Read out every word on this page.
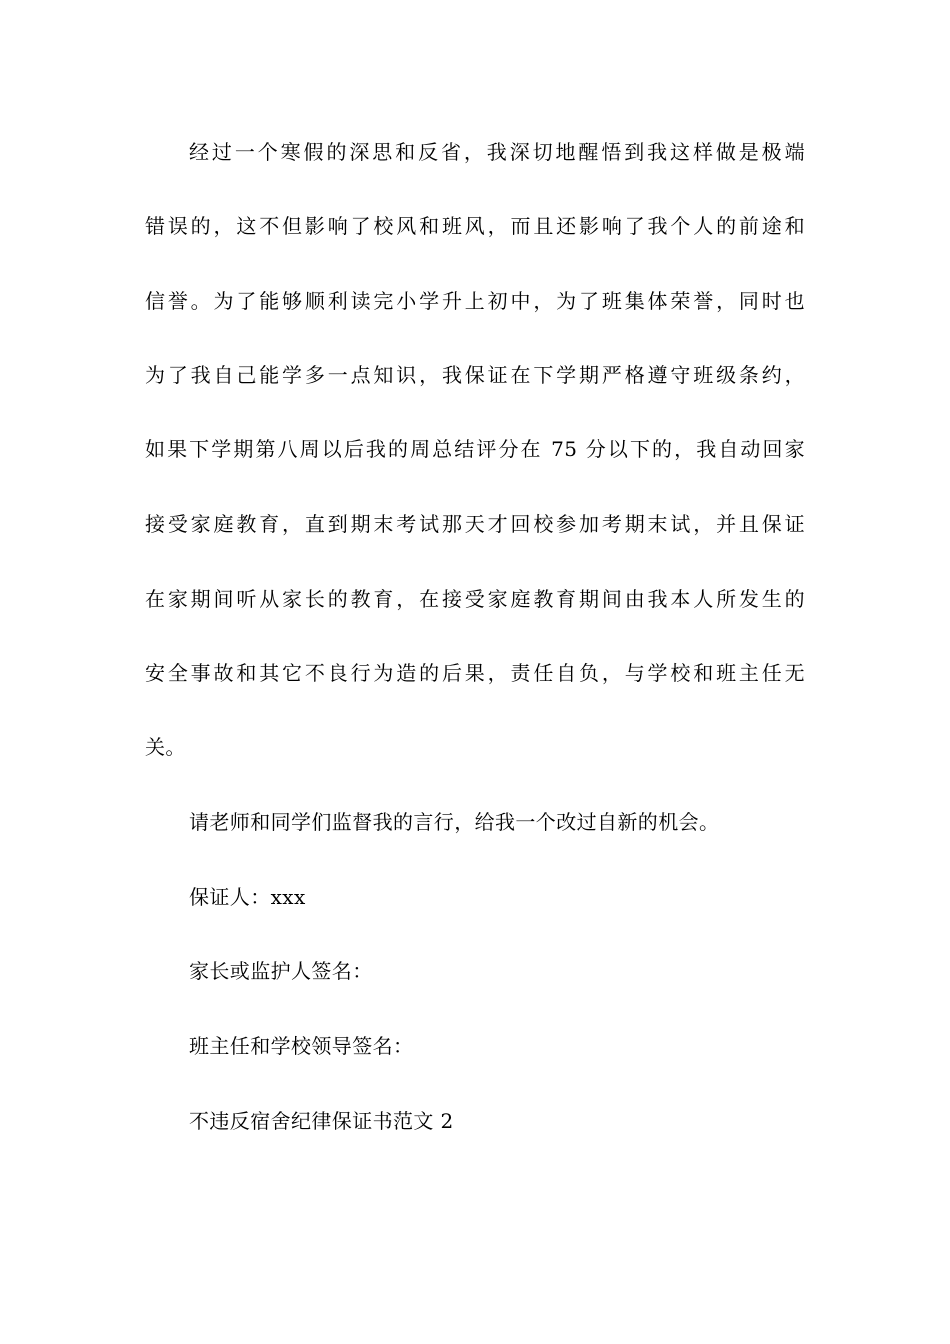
经过一个寒假的深思和反省，我深切地醒悟到我这样做是极端
错误的，这不但影响了校风和班风，而且还影响了我个人的前途和
信誉。为了能够顺利读完小学升上初中，为了班集体荣誉，同时也
为了我自己能学多一点知识，我保证在下学期严格遵守班级条约，
如果下学期第八周以后我的周总结评分在 75 分以下的，我自动回家
接受家庭教育，直到期末考试那天才回校参加考期末试，并且保证
在家期间听从家长的教育，在接受家庭教育期间由我本人所发生的
安全事故和其它不良行为造的后果，责任自负，与学校和班主任无
关。
请老师和同学们监督我的言行，给我一个改过自新的机会。
保证人：xxx
家长或监护人签名：
班主任和学校领导签名：
不违反宿舍纪律保证书范文 2
